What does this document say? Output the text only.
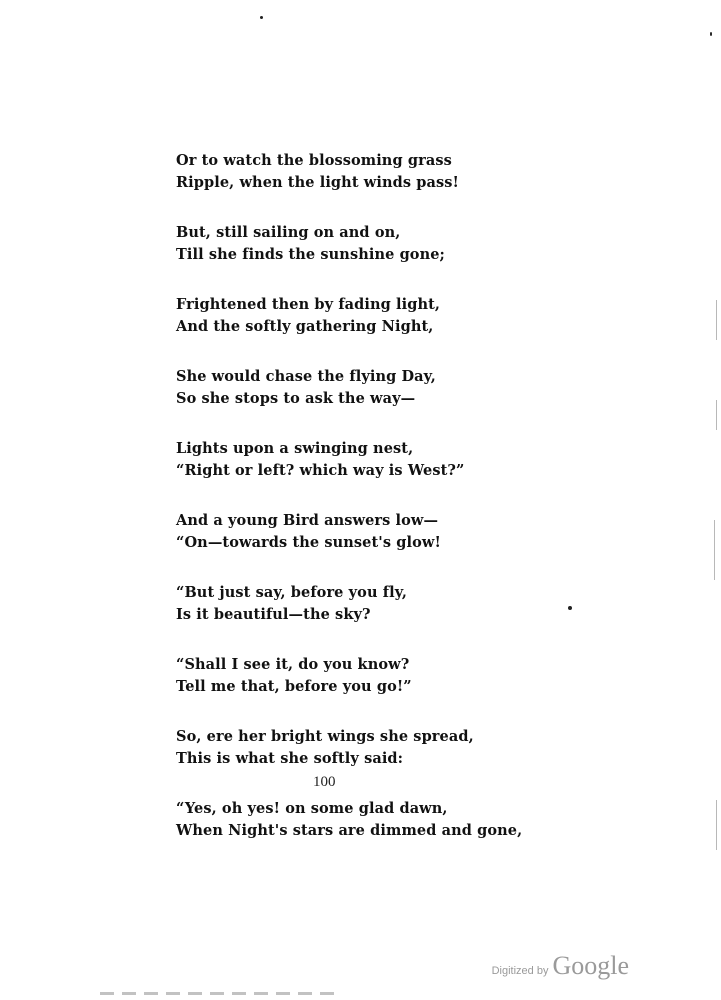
Or to watch the blossoming grass
Ripple, when the light winds pass!
But, still sailing on and on,
Till she finds the sunshine gone;
Frightened then by fading light,
And the softly gathering Night,
She would chase the flying Day,
So she stops to ask the way—
Lights upon a swinging nest,
“Right or left? which way is West?”
And a young Bird answers low—
“On—towards the sunset's glow!
“But just say, before you fly,
Is it beautiful—the sky?
“Shall I see it, do you know?
Tell me that, before you go!”
So, ere her bright wings she spread,
This is what she softly said:
“Yes, oh yes! on some glad dawn,
When Night's stars are dimmed and gone,
100
Digitized by Google
